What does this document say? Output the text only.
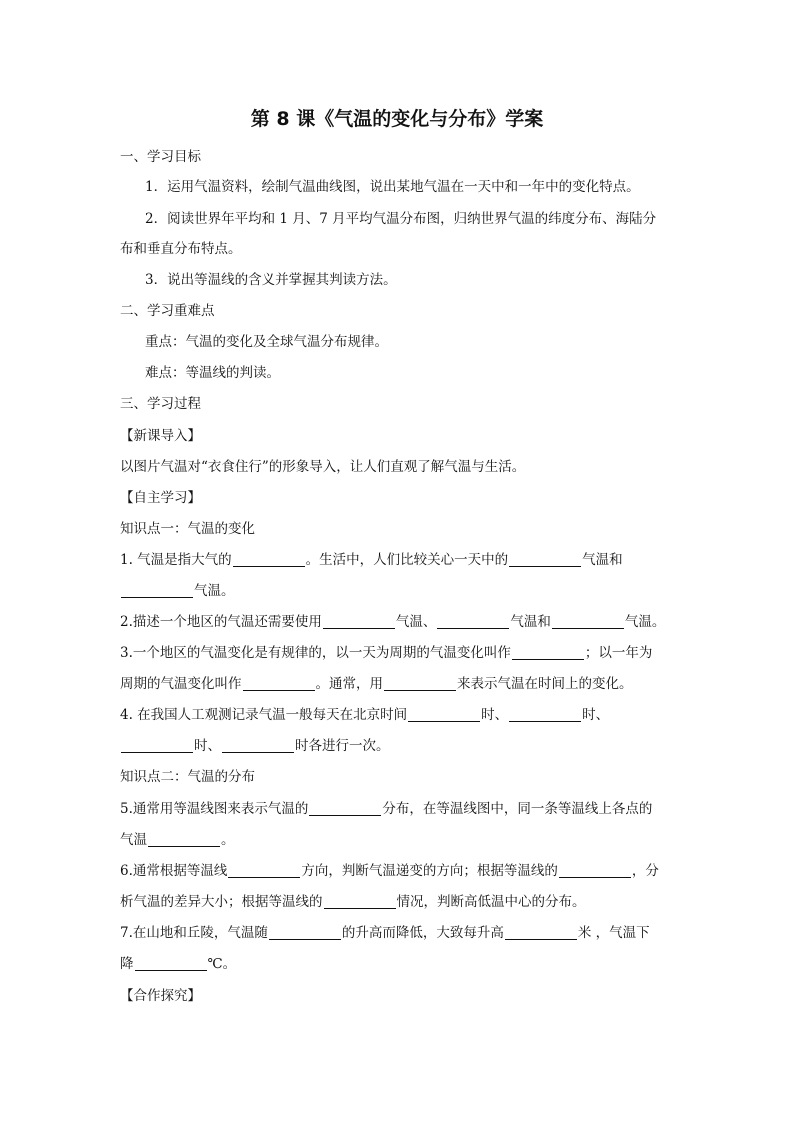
第 8 课《气温的变化与分布》学案
一、学习目标
1．运用气温资料，绘制气温曲线图，说出某地气温在一天中和一年中的变化特点。
2．阅读世界年平均和 1 月、7 月平均气温分布图，归纳世界气温的纬度分布、海陆分
布和垂直分布特点。
3．说出等温线的含义并掌握其判读方法。
二、学习重难点
重点：气温的变化及全球气温分布规律。
难点：等温线的判读。
三、学习过程
【新课导入】
以图片气温对“衣食住行”的形象导入，让人们直观了解气温与生活。
【自主学习】
知识点一：气温的变化
1. 气温是指大气的	。生活中，人们比较关心一天中的	气温和
气温。
2.描述一个地区的气温还需要使用	气温、	气温和	气温。
3.一个地区的气温变化是有规律的，以一天为周期的气温变化叫作	；以一年为
周期的气温变化叫作	。通常，用	来表示气温在时间上的变化。
4. 在我国人工观测记录气温一般每天在北京时间	时、	时、
时、	时各进行一次。
知识点二：气温的分布
5.通常用等温线图来表示气温的	分布，在等温线图中，同一条等温线上各点的
气温	。
6.通常根据等温线	方向，判断气温递变的方向；根据等温线的	，分
析气温的差异大小；根据等温线的	情况，判断高低温中心的分布。
7.在山地和丘陵，气温随	的升高而降低，大致每升高	米 ，气温下
降	℃。
【合作探究】
